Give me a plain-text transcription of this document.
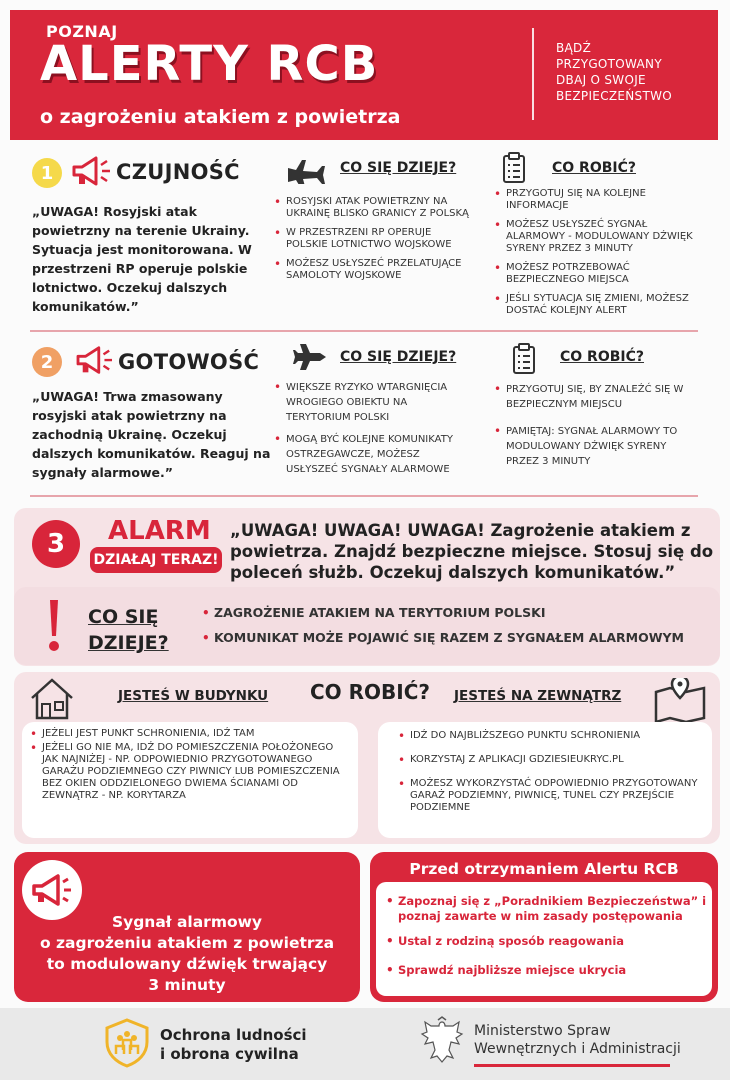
POZNAJ
ALERTY RCB
o zagrożeniu atakiem z powietrza
BĄDŹ
PRZYGOTOWANY
DBAJ O SWOJE
BEZPIECZEŃSTWO
1	CZUJNOŚĆ
„UWAGA! Rosyjski atak powietrzny na terenie Ukrainy. Sytuacja jest monitorowana. W przestrzeni RP operuje polskie lotnictwo. Oczekuj dalszych komunikatów.”
CO SIĘ DZIEJE?
• ROSYJSKI ATAK POWIETRZNY NA UKRAINĘ BLISKO GRANICY Z POLSKĄ
• W PRZESTRZENI RP OPERUJE POLSKIE LOTNICTWO WOJSKOWE
• MOŻESZ USŁYSZEĆ PRZELATUJĄCE SAMOLOTY WOJSKOWE
CO ROBIĆ?
• PRZYGOTUJ SIĘ NA KOLEJNE INFORMACJE
• MOŻESZ USŁYSZEĆ SYGNAŁ ALARMOWY - MODULOWANY DŹWIĘK SYRENY PRZEZ 3 MINUTY
• MOŻESZ POTRZEBOWAĆ BEZPIECZNEGO MIEJSCA
• JEŚLI SYTUACJA SIĘ ZMIENI, MOŻESZ DOSTAĆ KOLEJNY ALERT
2	GOTOWOŚĆ
„UWAGA! Trwa zmasowany rosyjski atak powietrzny na zachodnią Ukrainę. Oczekuj dalszych komunikatów. Reaguj na sygnały alarmowe.”
CO SIĘ DZIEJE?
• WIĘKSZE RYZYKO WTARGNIĘCIA WROGIEGO OBIEKTU NA TERYTORIUM POLSKI
• MOGĄ BYĆ KOLEJNE KOMUNIKATY OSTRZEGAWCZE, MOŻESZ USŁYSZEĆ SYGNAŁY ALARMOWE
CO ROBIĆ?
• PRZYGOTUJ SIĘ, BY ZNALEŹĆ SIĘ W BEZPIECZNYM MIEJSCU
• PAMIĘTAJ: SYGNAŁ ALARMOWY TO MODULOWANY DŹWIĘK SYRENY PRZEZ 3 MINUTY
3	ALARM
DZIAŁAJ TERAZ!
„UWAGA! UWAGA! UWAGA! Zagrożenie atakiem z powietrza. Znajdź bezpieczne miejsce. Stosuj się do poleceń służb. Oczekuj dalszych komunikatów.”
CO SIĘ
DZIEJE?
• ZAGROŻENIE ATAKIEM NA TERYTORIUM POLSKI
• KOMUNIKAT MOŻE POJAWIĆ SIĘ RAZEM Z SYGNAŁEM ALARMOWYM
JESTEŚ W BUDYNKU CO ROBIĆ? JESTEŚ NA ZEWNĄTRZ
• JEŻELI JEST PUNKT SCHRONIENIA, IDŹ TAM
• JEŻELI GO NIE MA, IDŹ DO POMIESZCZENIA POŁOŻONEGO JAK NAJNIŻEJ - NP. ODPOWIEDNIO PRZYGOTOWANEGO GARAŻU PODZIEMNEGO CZY PIWNICY LUB POMIESZCZENIA BEZ OKIEN ODDZIELONEGO DWIEMA ŚCIANAMI OD ZEWNĄTRZ - NP. KORYTARZA
• IDŹ DO NAJBLIŻSZEGO PUNKTU SCHRONIENIA
• KORZYSTAJ Z APLIKACJI GDZIESIEUKRYC.PL
• MOŻESZ WYKORZYSTAĆ ODPOWIEDNIO PRZYGOTOWANY GARAŻ PODZIEMNY, PIWNICĘ, TUNEL CZY PRZEJŚCIE PODZIEMNE
Sygnał alarmowy
o zagrożeniu atakiem z powietrza
to modulowany dźwięk trwający
3 minuty
Przed otrzymaniem Alertu RCB
• Zapoznaj się z „Poradnikiem Bezpieczeństwa” i poznaj zawarte w nim zasady postępowania
• Ustal z rodziną sposób reagowania
• Sprawdź najbliższe miejsce ukrycia
Ochrona ludności
i obrona cywilna
Ministerstwo Spraw
Wewnętrznych i Administracji
